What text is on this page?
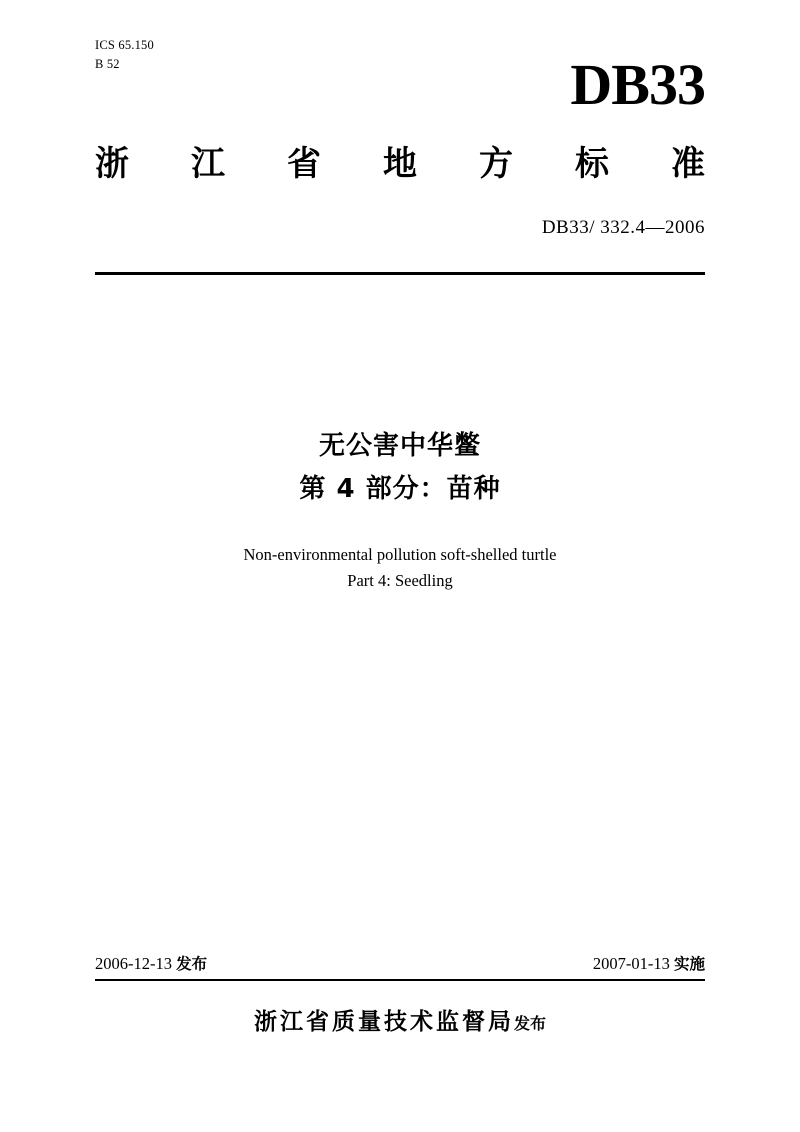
ICS 65.150
B 52	DB33
浙 江 省 地 方 标 准
DB33/ 332.4—2006
无公害中华鳖
第 4 部分：苗种
Non-environmental pollution soft-shelled turtle
Part 4: Seedling
2006-12-13 发布	2007-01-13 实施
浙江省质量技术监督局发布
